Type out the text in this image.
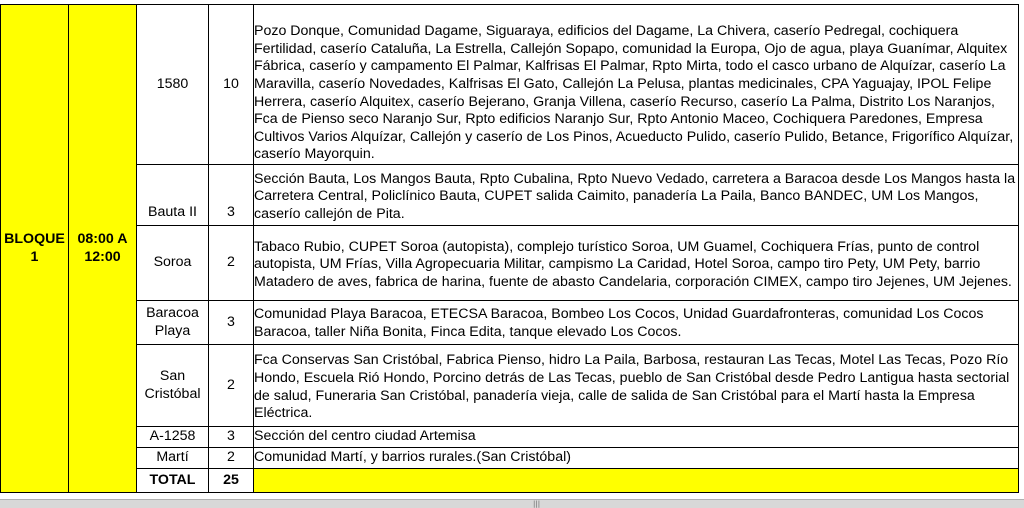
BLOQUE 1	08:00 A 12:00	1580	10	Pozo Donque, Comunidad Dagame, Siguaraya, edificios del Dagame, La Chivera, caserío Pedregal, cochiquera Fertilidad, caserío Cataluña, La Estrella, Callejón Sopapo, comunidad la Europa, Ojo de agua, playa Guanímar, Alquitex Fábrica, caserío y campamento El Palmar, Kalfrisas El Palmar, Rpto Mirta, todo el casco urbano de Alquízar, caserío La Maravilla, caserío Novedades, Kalfrisas El Gato, Callejón La Pelusa, plantas medicinales, CPA Yaguajay, IPOL Felipe Herrera, caserío Alquitex, caserío Bejerano, Granja Villena, caserío Recurso, caserío La Palma, Distrito Los Naranjos, Fca de Pienso seco Naranjo Sur, Rpto edificios Naranjo Sur, Rpto Antonio Maceo, Cochiquera Paredones, Empresa Cultivos Varios Alquízar, Callejón y caserío de Los Pinos, Acueducto Pulido, caserío Pulido, Betance, Frigorífico Alquízar, caserío Mayorquin.
		Bauta II	3	Sección Bauta, Los Mangos Bauta, Rpto Cubalina, Rpto Nuevo Vedado, carretera a Baracoa desde Los Mangos hasta la Carretera Central, Policlínico Bauta, CUPET salida Caimito, panadería La Paila, Banco BANDEC, UM Los Mangos, caserío callejón de Pita.
		Soroa	2	Tabaco Rubio, CUPET Soroa (autopista), complejo turístico Soroa, UM Guamel, Cochiquera Frías, punto de control autopista, UM Frías, Villa Agropecuaria Militar, campismo La Caridad, Hotel Soroa, campo tiro Pety, UM Pety, barrio Matadero de aves, fabrica de harina, fuente de abasto Candelaria, corporación CIMEX, campo tiro Jejenes, UM Jejenes.
		Baracoa Playa	3	Comunidad Playa Baracoa, ETECSA Baracoa, Bombeo Los Cocos, Unidad Guardafronteras, comunidad Los Cocos Baracoa, taller Niña Bonita, Finca Edita, tanque elevado Los Cocos.
		San Cristóbal	2	Fca Conservas San Cristóbal, Fabrica Pienso, hidro La Paila, Barbosa, restauran Las Tecas, Motel Las Tecas, Pozo Río Hondo, Escuela Rió Hondo, Porcino detrás de Las Tecas, pueblo de San Cristóbal desde Pedro Lantigua hasta sectorial de salud, Funeraria San Cristóbal, panadería vieja, calle de salida de San Cristóbal para el Martí hasta la Empresa Eléctrica.
		A-1258	3	Sección del centro ciudad Artemisa
		Martí	2	Comunidad Martí, y barrios rurales.(San Cristóbal)
		TOTAL	25	
|||
